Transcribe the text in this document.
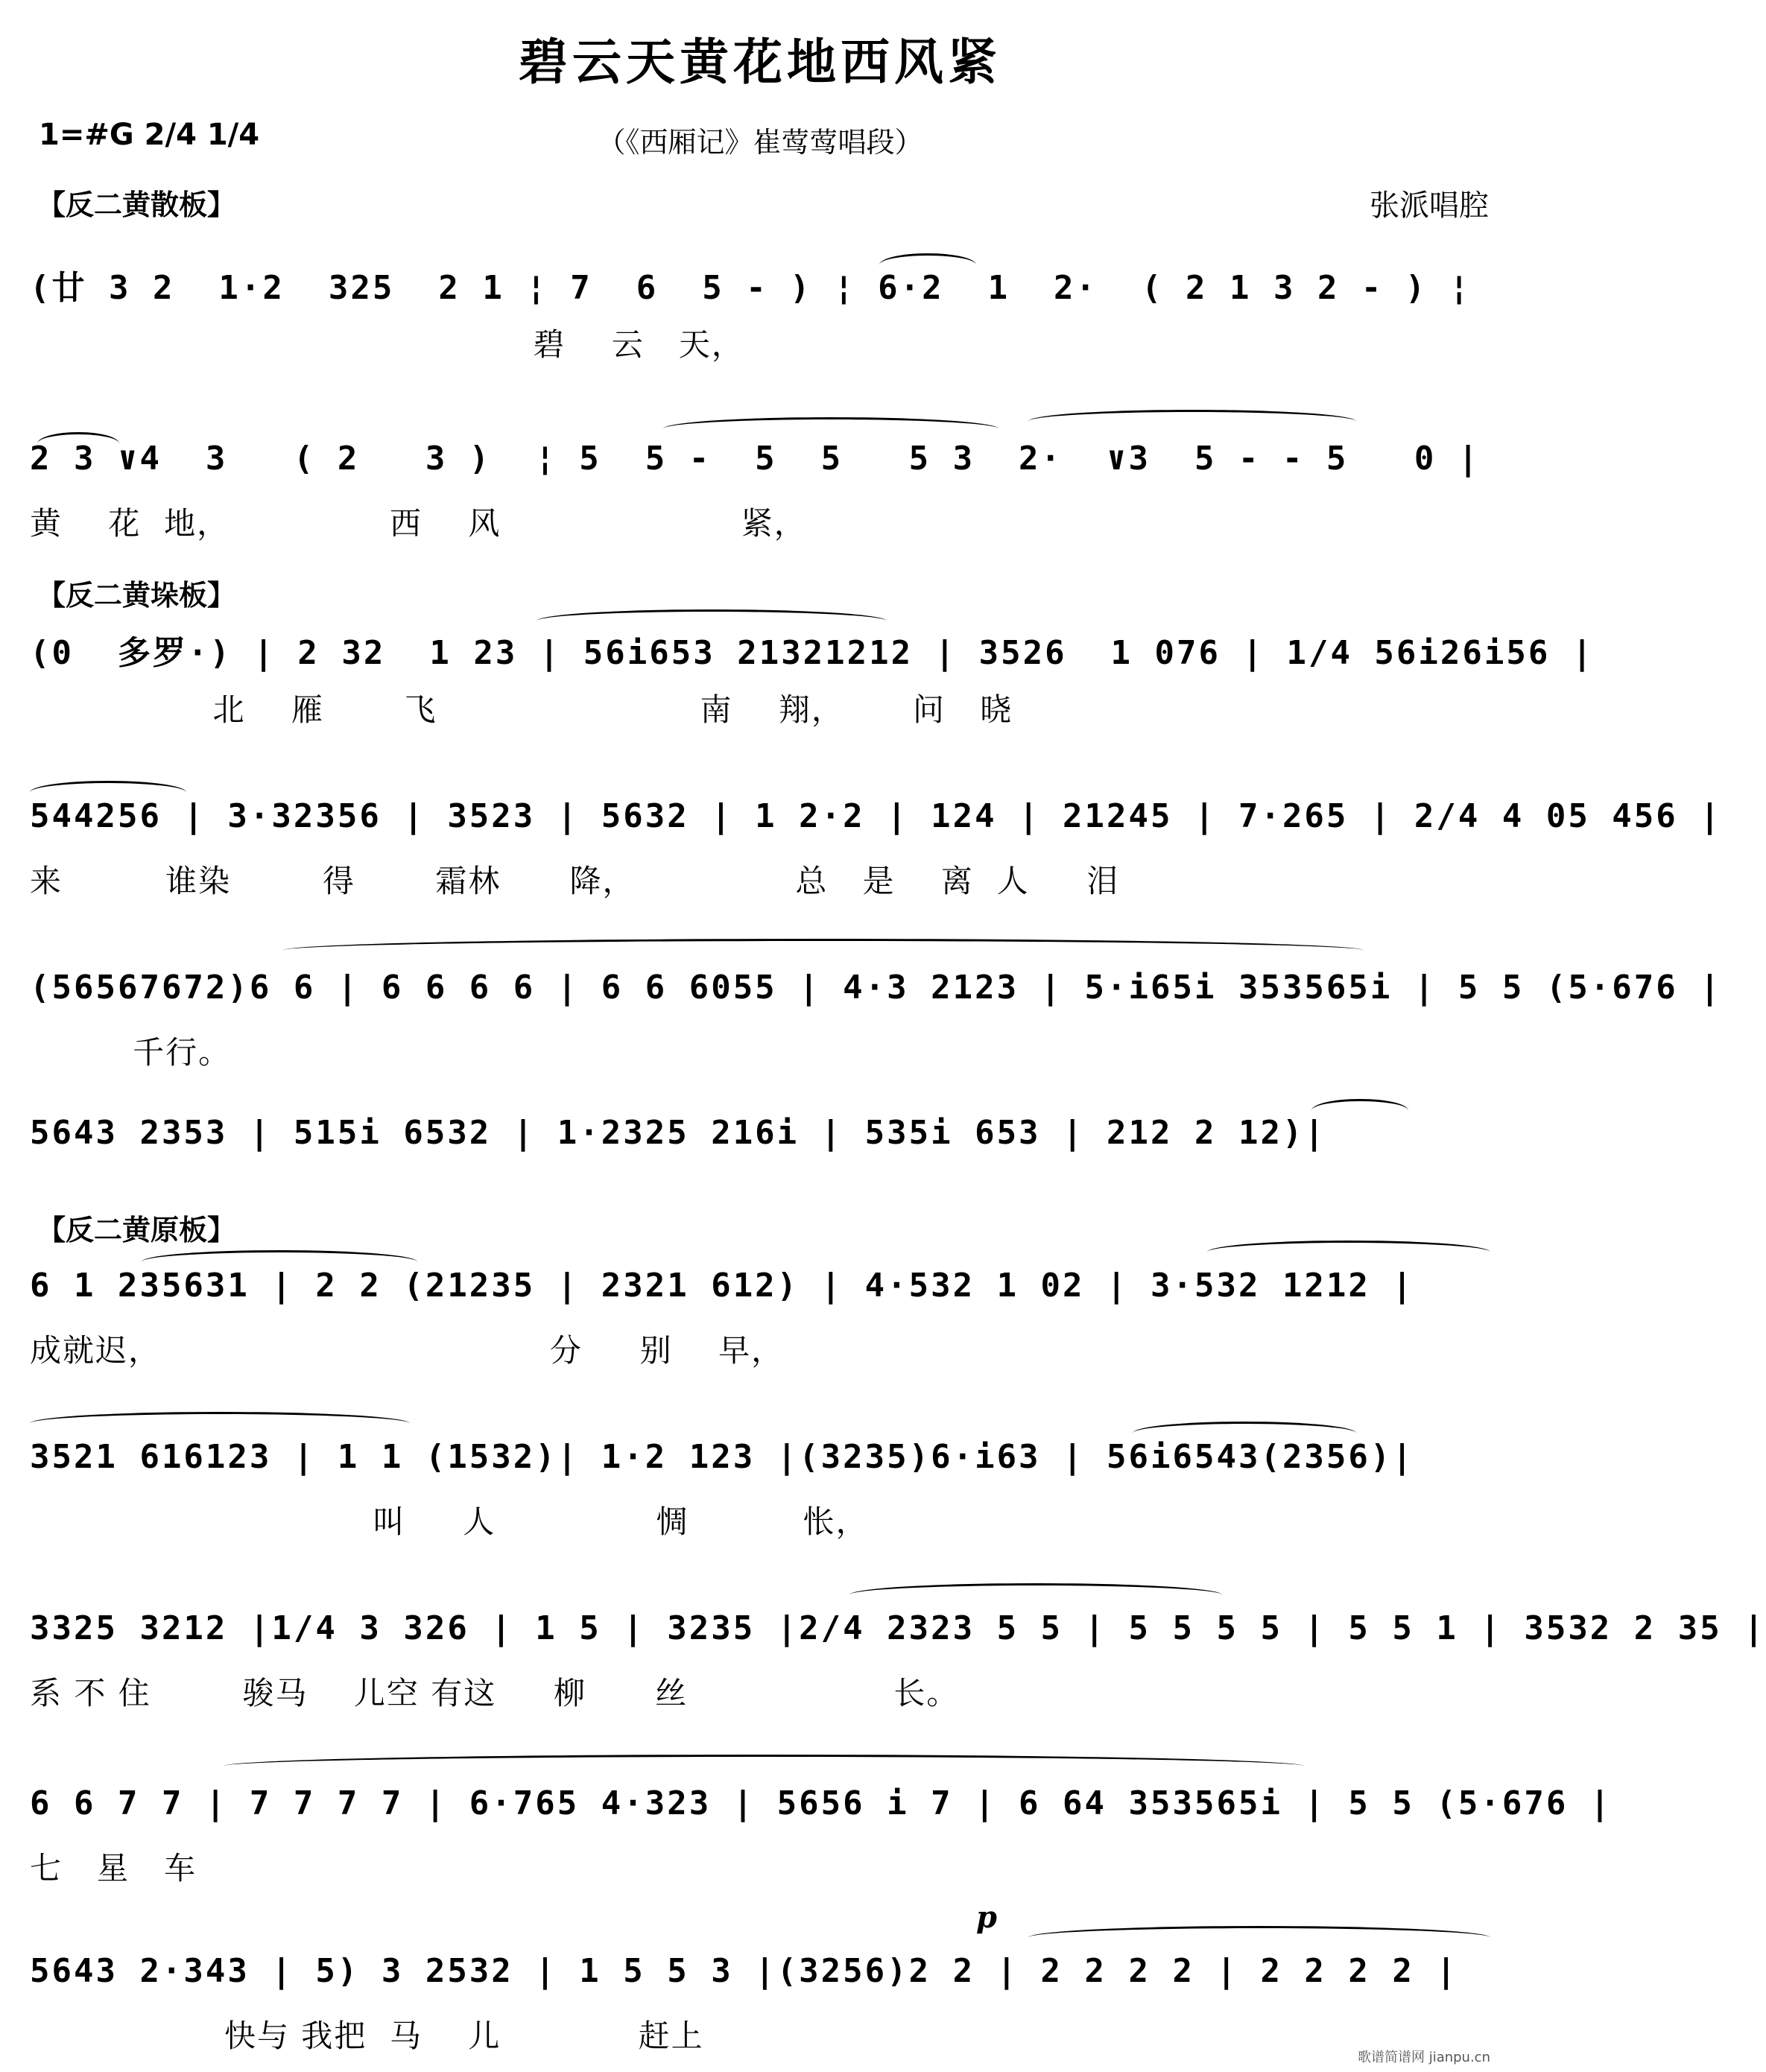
碧云天黄花地西风紧
1=#G 2/4 1/4	（《西厢记》崔莺莺唱段）
【反二黄散板】	张派唱腔
(廿 3 2  1·2  325  2 1 ¦ 7  6  5 - ) ¦ 6·2  1  2·  ( 2 1 3 2 - ) ¦
碧    云   天，
2 3 ∨4  3   ( 2   3 )  ¦ 5  5 -  5  5   5 3  2·  ∨3  5 - - 5   0 |
黄    花  地，              西    风                     紧，
【反二黄垛板】
(0  多罗·) | 2 32  1 23 | 56i653 21321212 | 3526  1 076 | 1/4 56i26i56 |
北    雁       飞                       南    翔，      问   晓
544256 | 3·32356 | 3523 | 5632 | 1 2·2 | 124 | 21245 | 7·265 | 2/4 4 05 456 |
来         谁染        得       霜林      降，              总   是    离  人     泪
(56567672)6 6 | 6 6 6 6 | 6 6 6055 | 4·3 2123 | 5·i65i 353565i | 5 5 (5·676 |
千行。
5643 2353 | 515i 6532 | 1·2325 216i | 535i 653 | 212 2 12)|
【反二黄原板】
6 1 235631 | 2 2 (21235 | 2321 612) | 4·532 1 02 | 3·532 1212 |
成就迟，                                  分     别    早，
3521 616123 | 1 1 (1532)| 1·2 123 |(3235)6·i63 | 56i6543(2356)|
叫     人              惆          怅，
3325 3212 |1/4 3 326 | 1 5 | 3235 |2/4 2323 5 5 | 5 5 5 5 | 5 5 1 | 3532 2 35 |
系 不 住        骏马    儿空 有这     柳      丝                  长。
6 6 7 7 | 7 7 7 7 | 6·765 4·323 | 5656 i 7 | 6 64 353565i | 5 5 (5·676 |
七   星   车
5643 2·343 | 5) 3 2532 | 1 5 5 3 |(3256)2 2 | 2 2 2 2 | 2 2 2 2 |
快与 我把  马    儿            赶上
p
歌谱简谱网 jianpu.cn
